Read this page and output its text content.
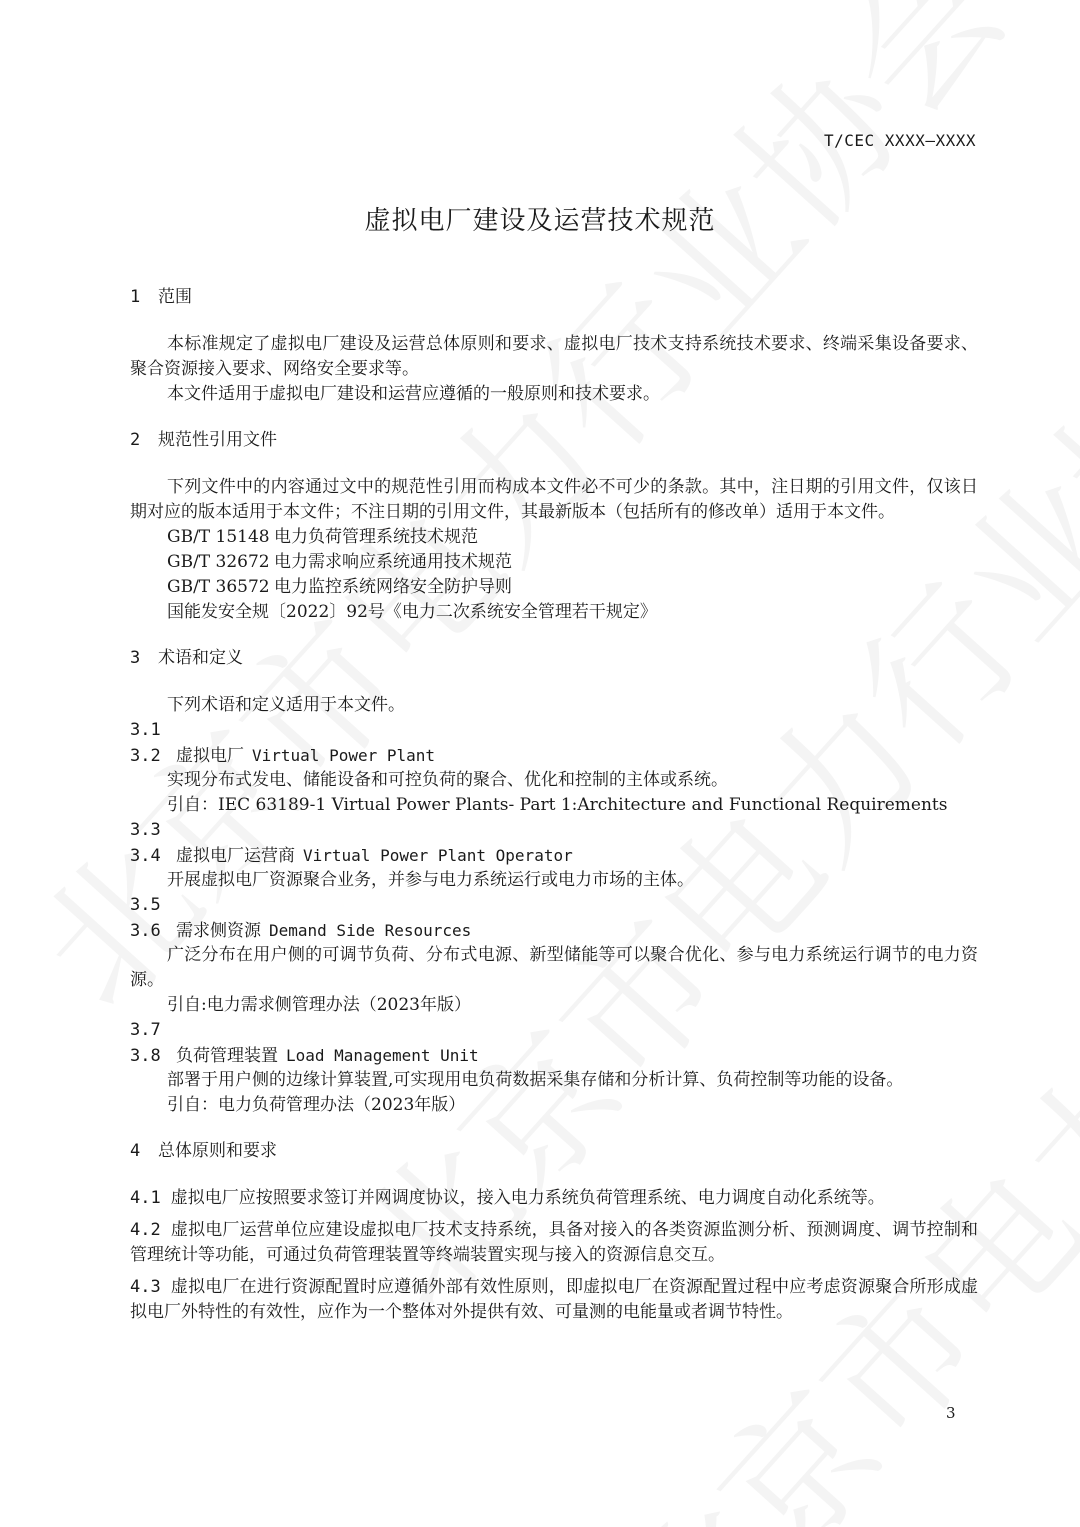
T/CEC XXXX—XXXX
虚拟电厂建设及运营技术规范
1 范围
本标准规定了虚拟电厂建设及运营总体原则和要求、虚拟电厂技术支持系统技术要求、终端采集设备要求、聚合资源接入要求、网络安全要求等。
本文件适用于虚拟电厂建设和运营应遵循的一般原则和技术要求。
2 规范性引用文件
下列文件中的内容通过文中的规范性引用而构成本文件必不可少的条款。其中，注日期的引用文件，仅该日期对应的版本适用于本文件；不注日期的引用文件，其最新版本（包括所有的修改单）适用于本文件。
GB/T 15148 电力负荷管理系统技术规范
GB/T 32672 电力需求响应系统通用技术规范
GB/T 36572 电力监控系统网络安全防护导则
国能发安全规〔2022〕92号《电力二次系统安全管理若干规定》
3 术语和定义
下列术语和定义适用于本文件。
3.1
3.2 虚拟电厂 Virtual Power Plant
实现分布式发电、储能设备和可控负荷的聚合、优化和控制的主体或系统。
引自：IEC 63189-1 Virtual Power Plants- Part 1:Architecture and Functional Requirements
3.3
3.4 虚拟电厂运营商 Virtual Power Plant Operator
开展虚拟电厂资源聚合业务，并参与电力系统运行或电力市场的主体。
3.5
3.6 需求侧资源 Demand Side Resources
广泛分布在用户侧的可调节负荷、分布式电源、新型储能等可以聚合优化、参与电力系统运行调节的电力资源。
引自:电力需求侧管理办法（2023年版）
3.7
3.8 负荷管理装置 Load Management Unit
部署于用户侧的边缘计算装置,可实现用电负荷数据采集存储和分析计算、负荷控制等功能的设备。
引自：电力负荷管理办法（2023年版）
4 总体原则和要求
4.1 虚拟电厂应按照要求签订并网调度协议，接入电力系统负荷管理系统、电力调度自动化系统等。
4.2 虚拟电厂运营单位应建设虚拟电厂技术支持系统，具备对接入的各类资源监测分析、预测调度、调节控制和管理统计等功能，可通过负荷管理装置等终端装置实现与接入的资源信息交互。
4.3 虚拟电厂在进行资源配置时应遵循外部有效性原则，即虚拟电厂在资源配置过程中应考虑资源聚合所形成虚拟电厂外特性的有效性，应作为一个整体对外提供有效、可量测的电能量或者调节特性。
3
